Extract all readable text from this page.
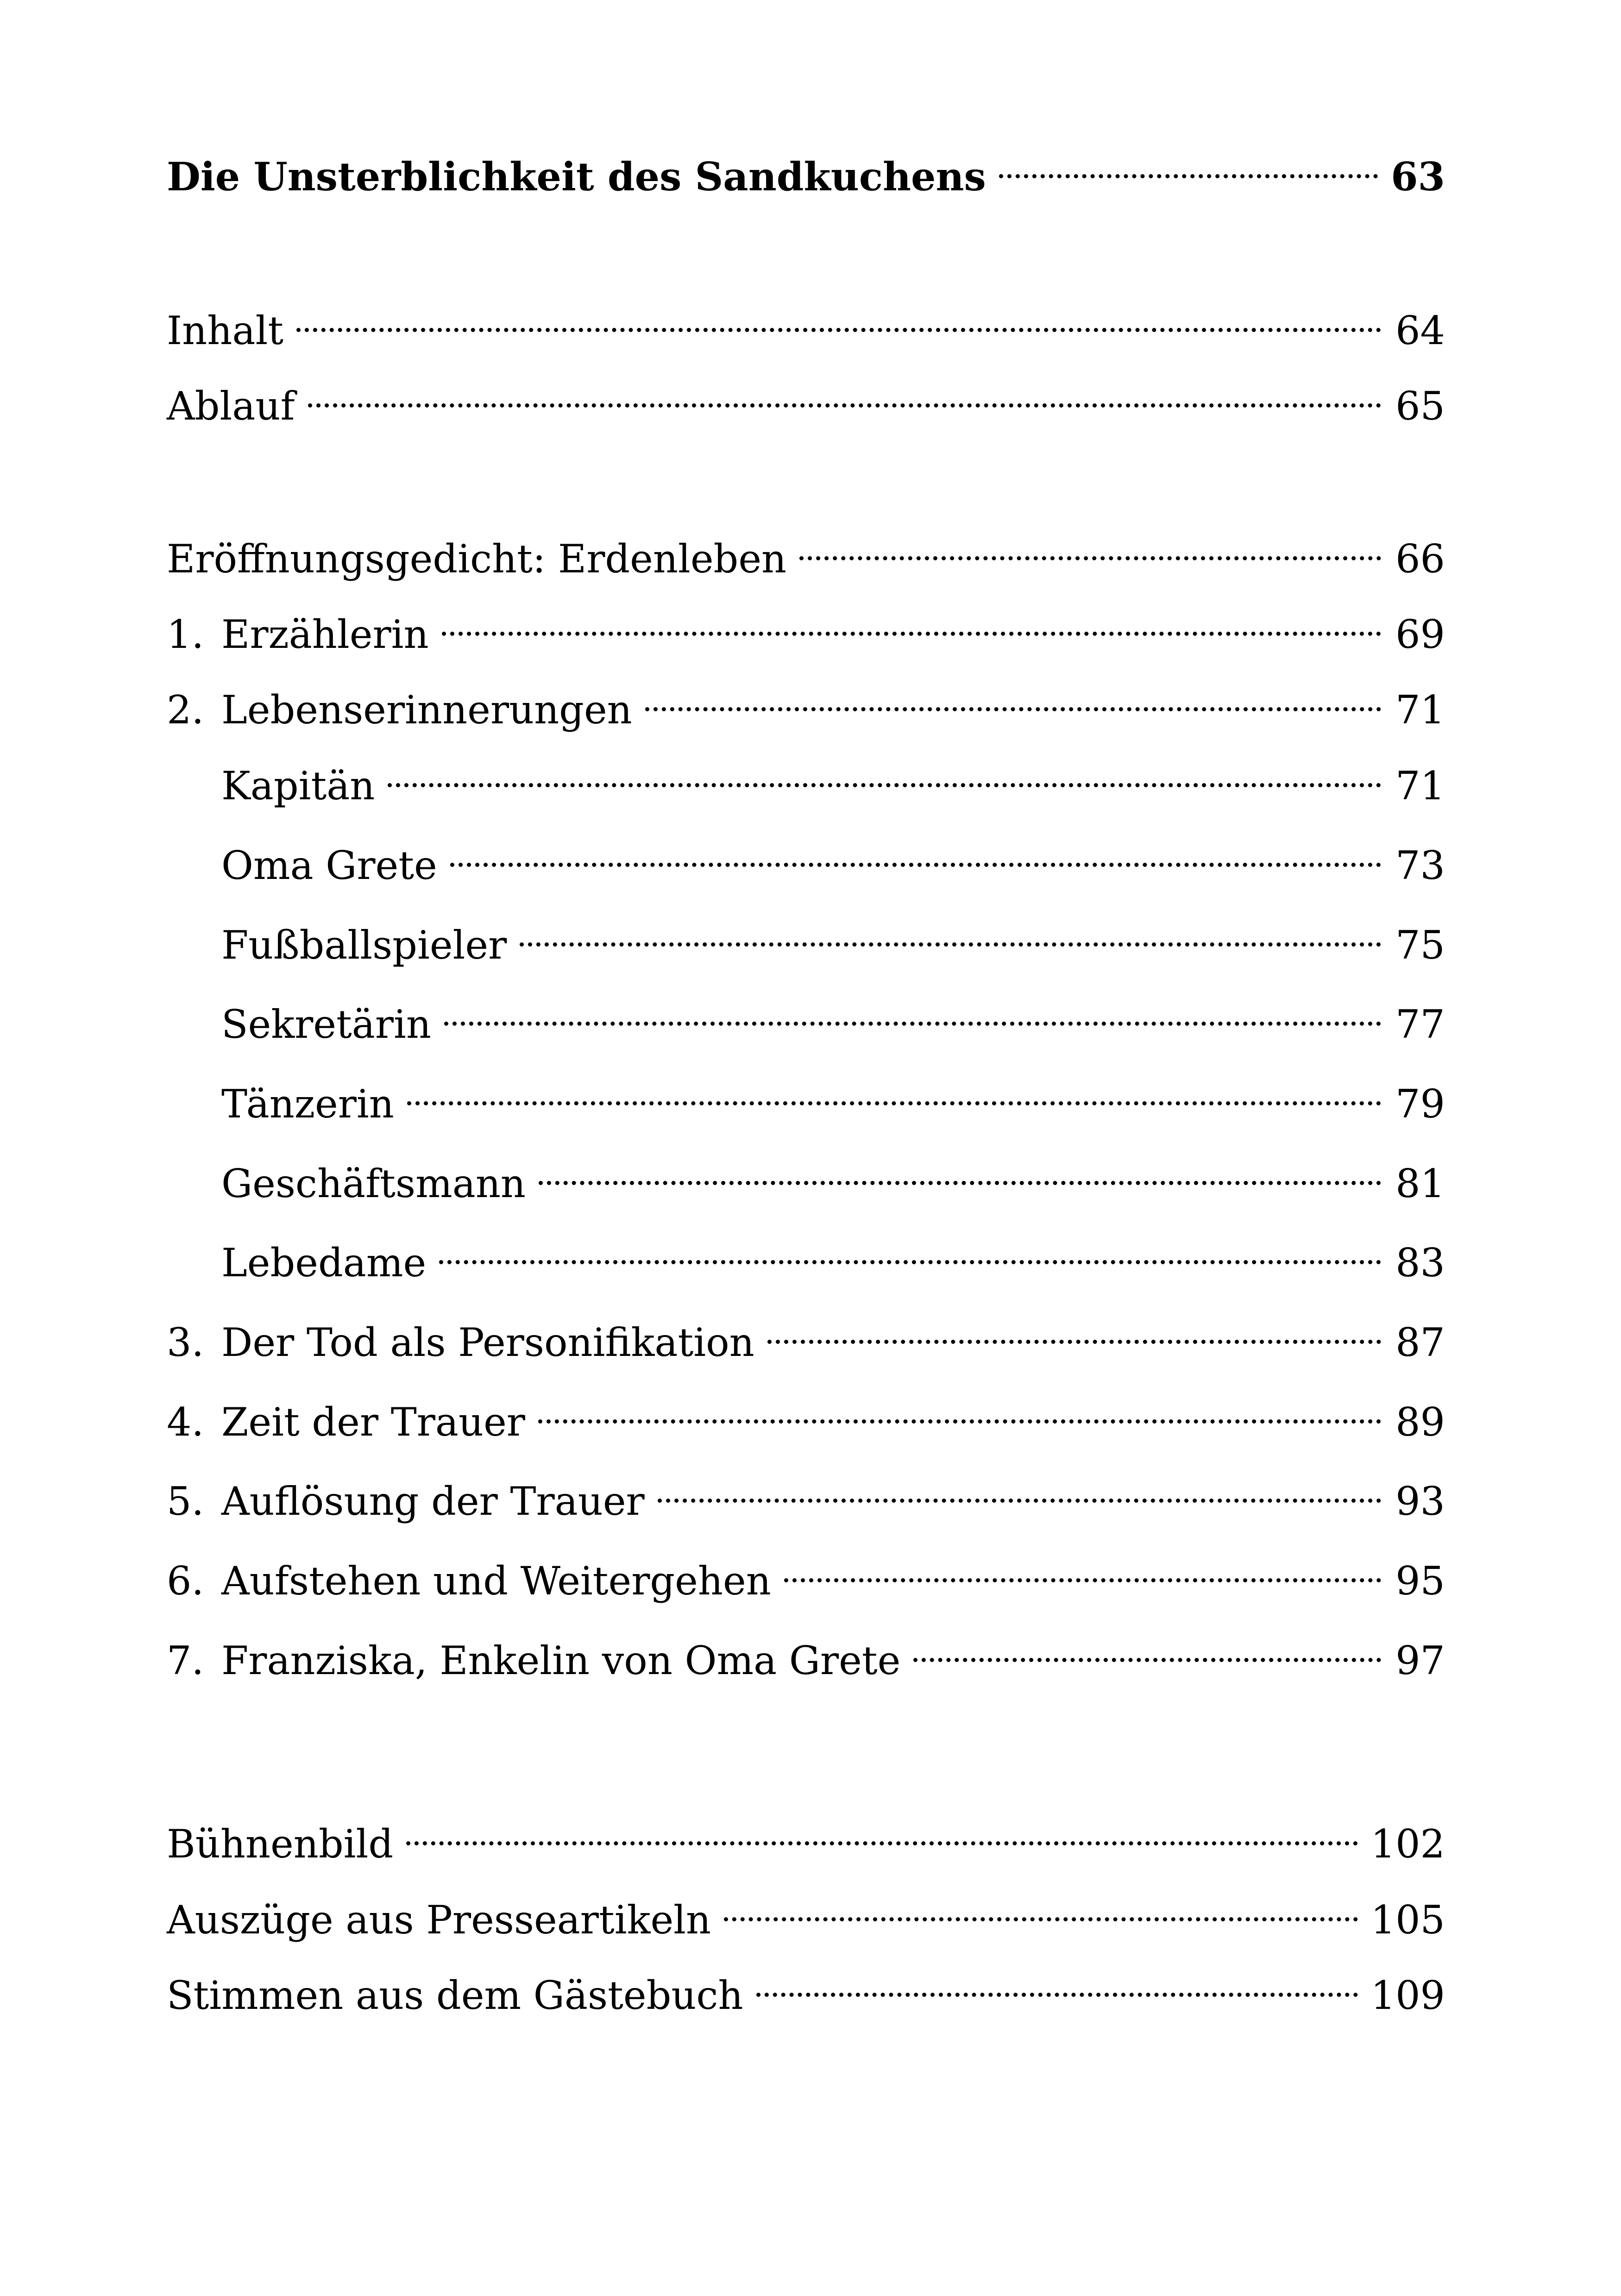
Die Unsterblichkeit des Sandkuchens	63
Inhalt	64
Ablauf	65
Eröffnungsgedicht: Erdenleben	66
1. Erzählerin	69
2. Lebenserinnerungen	71
Kapitän	71
Oma Grete	73
Fußballspieler	75
Sekretärin	77
Tänzerin	79
Geschäftsmann	81
Lebedame	83
3. Der Tod als Personifikation	87
4. Zeit der Trauer	89
5. Auflösung der Trauer	93
6. Aufstehen und Weitergehen	95
7. Franziska, Enkelin von Oma Grete	97
Bühnenbild	102
Auszüge aus Presseartikeln	105
Stimmen aus dem Gästebuch	109
